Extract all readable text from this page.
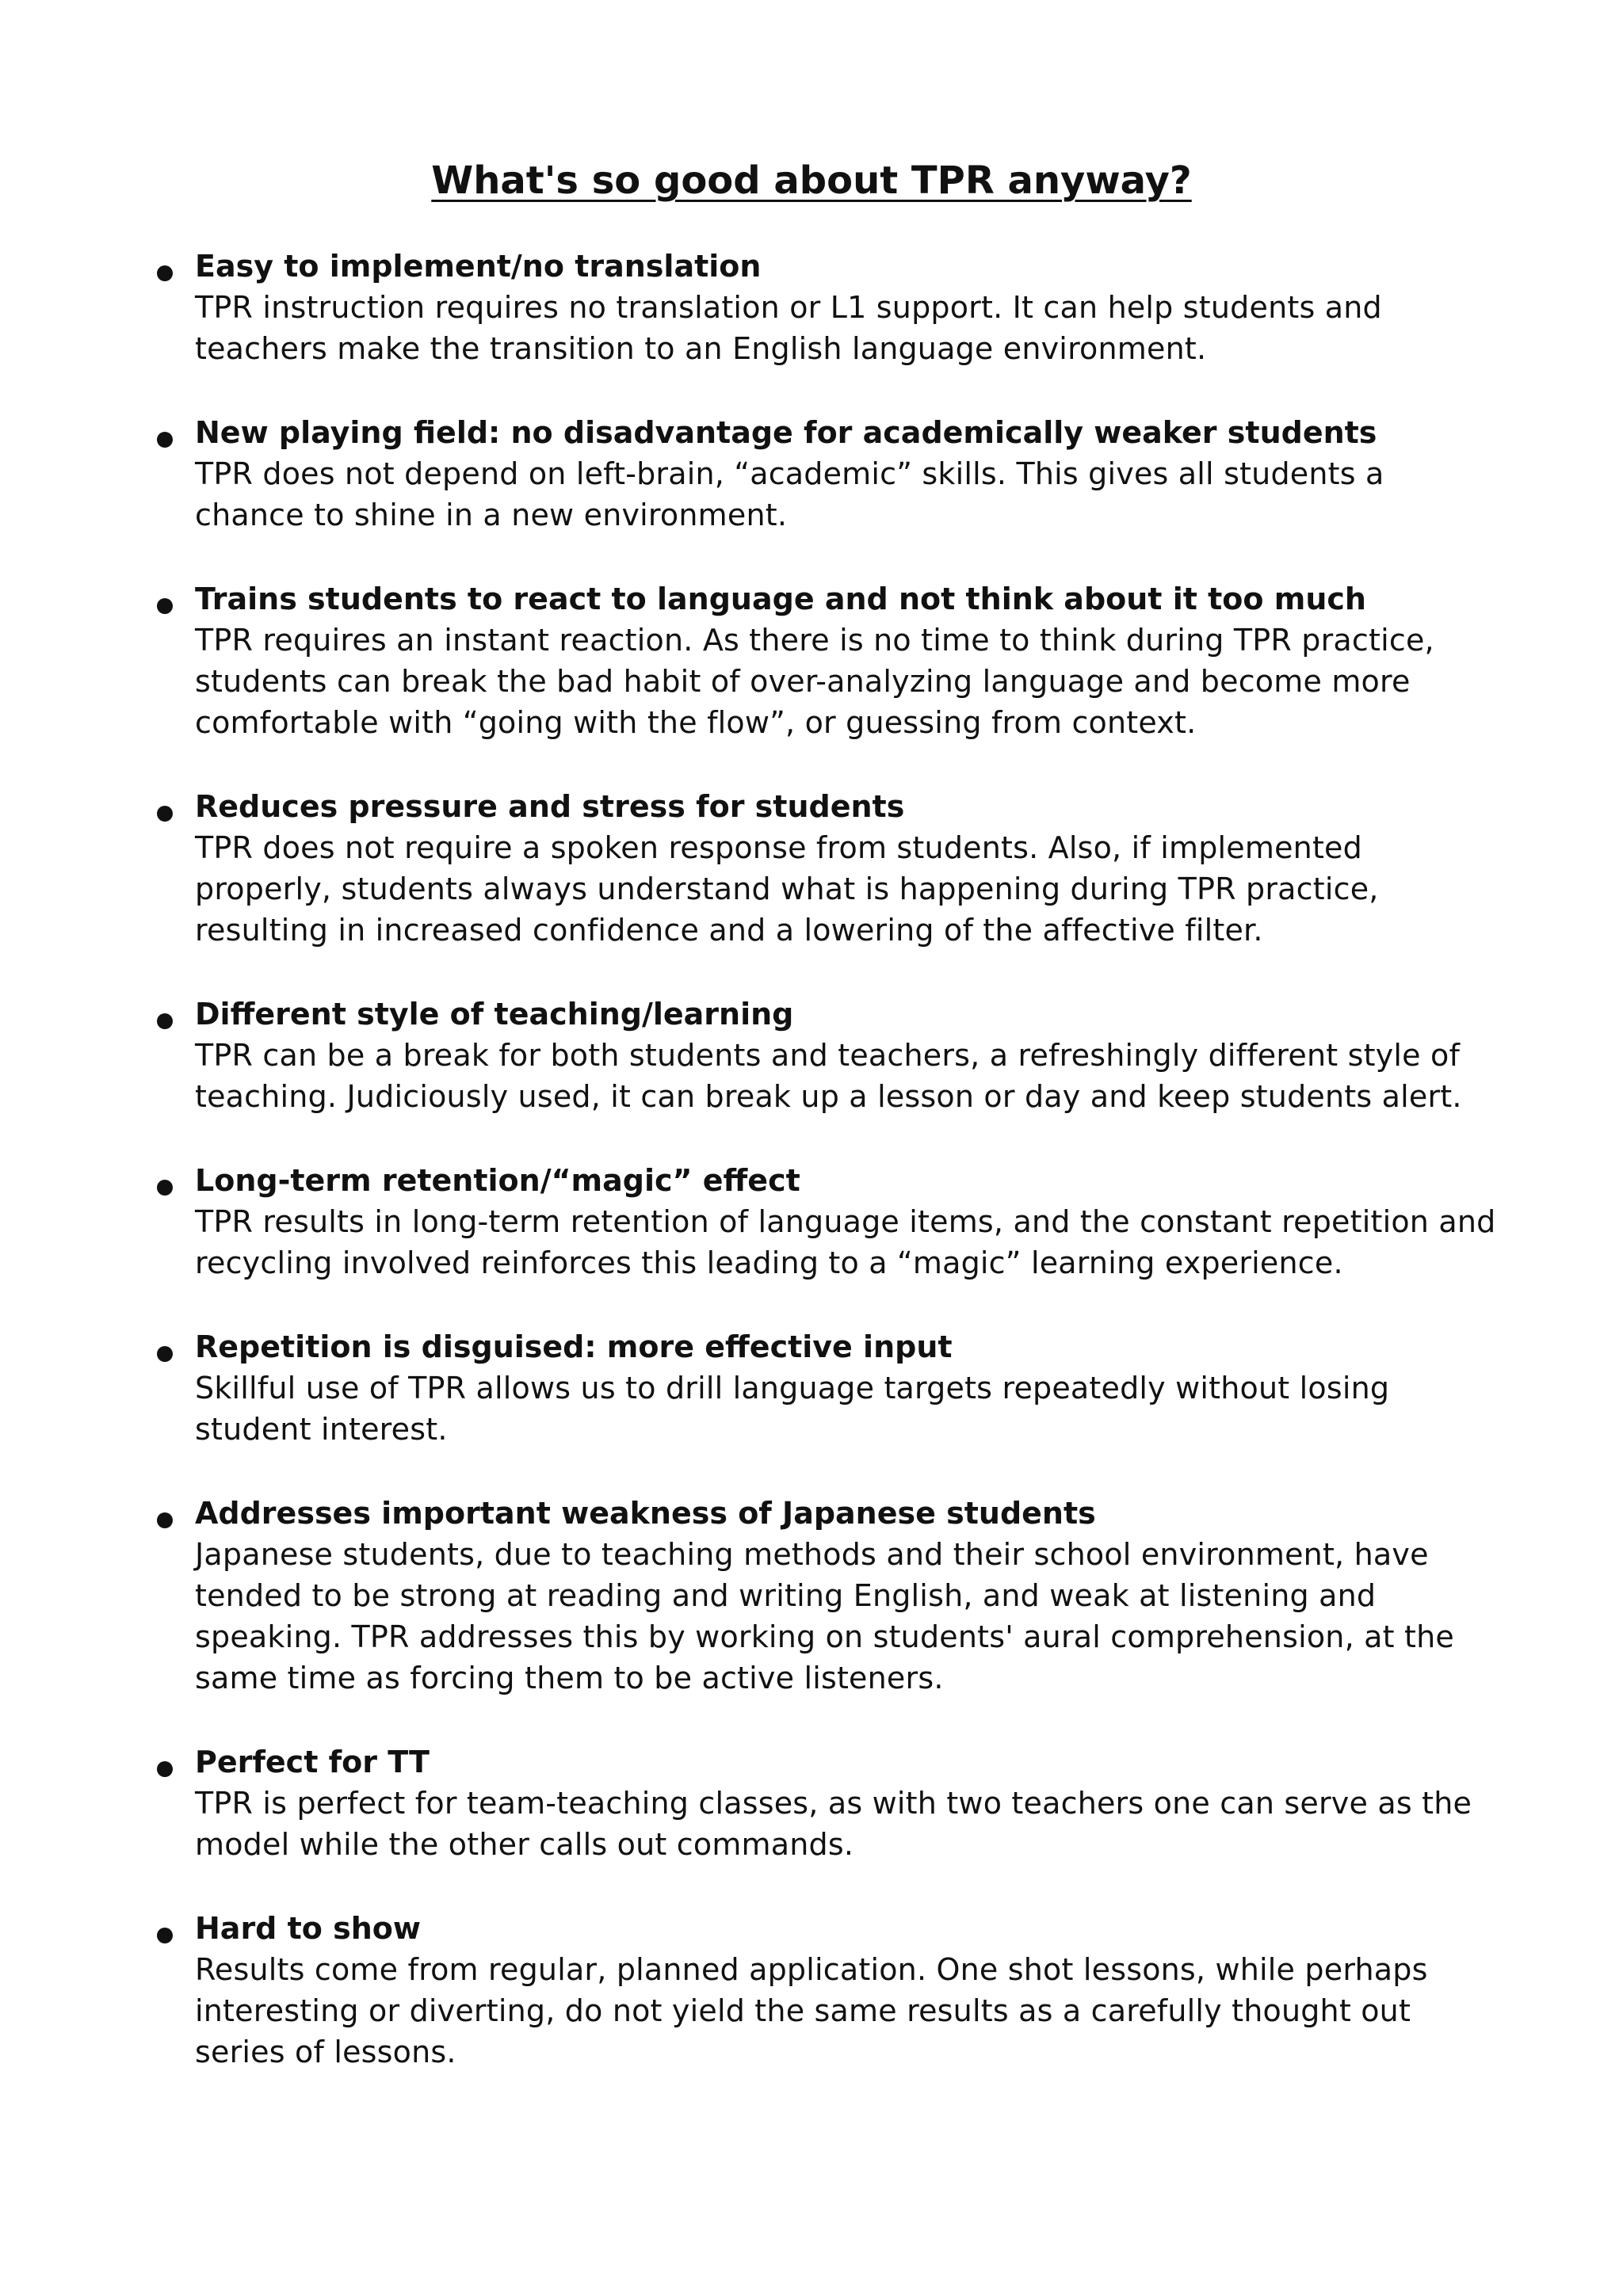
What's so good about TPR anyway?
Easy to implement/no translation
TPR instruction requires no translation or L1 support. It can help students and teachers make the transition to an English language environment.
New playing field: no disadvantage for academically weaker students
TPR does not depend on left-brain, “academic” skills. This gives all students a chance to shine in a new environment.
Trains students to react to language and not think about it too much
TPR requires an instant reaction. As there is no time to think during TPR practice, students can break the bad habit of over-analyzing language and become more comfortable with “going with the flow”, or guessing from context.
Reduces pressure and stress for students
TPR does not require a spoken response from students. Also, if implemented properly, students always understand what is happening during TPR practice, resulting in increased confidence and a lowering of the affective filter.
Different style of teaching/learning
TPR can be a break for both students and teachers, a refreshingly different style of teaching. Judiciously used, it can break up a lesson or day and keep students alert.
Long-term retention/“magic” effect
TPR results in long-term retention of language items, and the constant repetition and recycling involved reinforces this leading to a “magic” learning experience.
Repetition is disguised: more effective input
Skillful use of TPR allows us to drill language targets repeatedly without losing student interest.
Addresses important weakness of Japanese students
Japanese students, due to teaching methods and their school environment, have tended to be strong at reading and writing English, and weak at listening and speaking. TPR addresses this by working on students' aural comprehension, at the same time as forcing them to be active listeners.
Perfect for TT
TPR is perfect for team-teaching classes, as with two teachers one can serve as the model while the other calls out commands.
Hard to show
Results come from regular, planned application. One shot lessons, while perhaps interesting or diverting, do not yield the same results as a carefully thought out series of lessons.
